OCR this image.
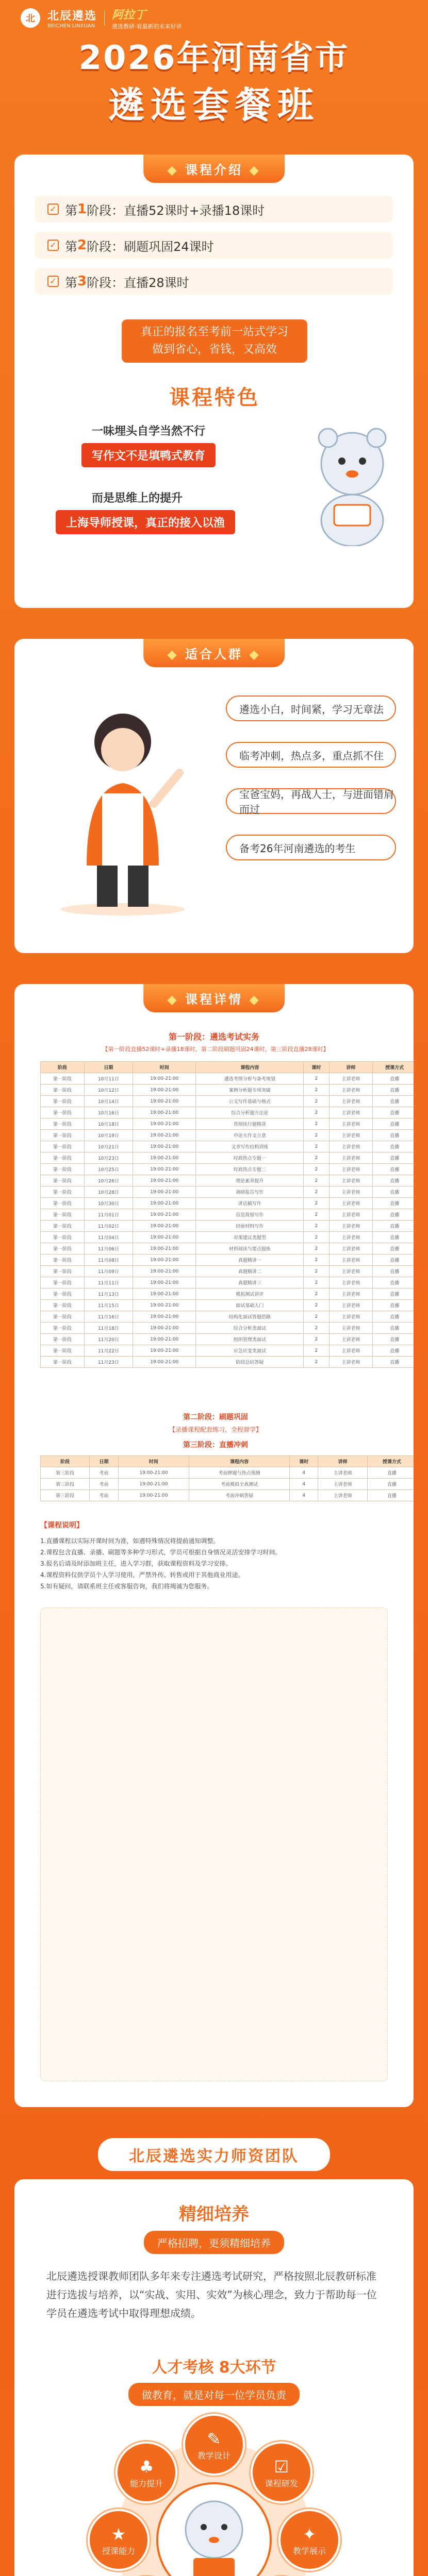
北	北辰遴选
BEICHEN LINXUAN
阿拉丁
遴选教研·看最新的未来好讲
2026年河南省市
遴选套餐班
◆ 课程介绍 ◆
✓ 第 1 阶段： 直播52课时+录播18课时
✓ 第 2 阶段： 刷题巩固24课时
✓ 第 3 阶段： 直播28课时
真正的报名至考前一站式学习
做到省心，省钱，又高效
课程特色
一味埋头自学当然不行
写作文不是填鸭式教育
而是思维上的提升
上海导师授课，真正的接入以渔
◆ 适合人群 ◆
遴选小白，时间紧，学习无章法
临考冲刺，热点多，重点抓不住
宝爸宝妈，再战人士，与进面错肩而过
备考26年河南遴选的考生
◆ 课程详情 ◆
第一阶段：遴选考试实务
【第一阶段直播52课时+录播18课时，第二阶段刷题巩固24课时，第三阶段直播28课时】
阶段	日期	时间	课程内容	课时	讲师	授课方式
第一阶段	10月11日	19:00-21:00	遴选考情分析与备考规划	2	主讲老师	直播
第一阶段	10月12日	19:00-21:00	案例分析题专项突破	2	主讲老师	直播
第一阶段	10月14日	19:00-21:00	公文写作基础与格式	2	主讲老师	直播
第一阶段	10月16日	19:00-21:00	综合分析题方法论	2	主讲老师	直播
第一阶段	10月18日	19:00-21:00	贯彻执行题精讲	2	主讲老师	直播
第一阶段	10月19日	19:00-21:00	申论大作文立意	2	主讲老师	直播
第一阶段	10月21日	19:00-21:00	文章写作结构训练	2	主讲老师	直播
第一阶段	10月23日	19:00-21:00	时政热点专题一	2	主讲老师	直播
第一阶段	10月25日	19:00-21:00	时政热点专题二	2	主讲老师	直播
第一阶段	10月26日	19:00-21:00	理论素养提升	2	主讲老师	直播
第一阶段	10月28日	19:00-21:00	调研报告写作	2	主讲老师	直播
第一阶段	10月30日	19:00-21:00	讲话稿写作	2	主讲老师	直播
第一阶段	11月01日	19:00-21:00	信息简报写作	2	主讲老师	直播
第一阶段	11月02日	19:00-21:00	经验材料写作	2	主讲老师	直播
第一阶段	11月04日	19:00-21:00	对策建议类题型	2	主讲老师	直播
第一阶段	11月06日	19:00-21:00	材料阅读与要点提炼	2	主讲老师	直播
第一阶段	11月08日	19:00-21:00	真题精讲一	2	主讲老师	直播
第一阶段	11月09日	19:00-21:00	真题精讲二	2	主讲老师	直播
第一阶段	11月11日	19:00-21:00	真题精讲三	2	主讲老师	直播
第一阶段	11月13日	19:00-21:00	模拟测试讲评	2	主讲老师	直播
第一阶段	11月15日	19:00-21:00	面试基础入门	2	主讲老师	直播
第一阶段	11月16日	19:00-21:00	结构化面试答题思路	2	主讲老师	直播
第一阶段	11月18日	19:00-21:00	综合分析类面试	2	主讲老师	直播
第一阶段	11月20日	19:00-21:00	组织管理类面试	2	主讲老师	直播
第一阶段	11月22日	19:00-21:00	应急应变类面试	2	主讲老师	直播
第一阶段	11月23日	19:00-21:00	阶段总结答疑	2	主讲老师	直播
第二阶段：刷题巩固
【录播课程配套练习，全程督学】
第三阶段：直播冲刺
阶段	日期	时间	课程内容	课时	讲师	授课方式
第三阶段	考前	19:00-21:00	考前押题与热点预测	4	主讲老师	直播
第三阶段	考前	19:00-21:00	考前模拟全真测试	4	主讲老师	直播
第三阶段	考前	19:00-21:00	考前冲刺答疑	4	主讲老师	直播
【课程说明】
1.直播课程以实际开课时间为准，如遇特殊情况将提前通知调整。
2.课程包含直播、录播、刷题等多种学习形式，学员可根据自身情况灵活安排学习时间。
3.报名后请及时添加班主任，进入学习群，获取课程资料及学习安排。
4.课程资料仅供学员个人学习使用，严禁外传、转售或用于其他商业用途。
5.如有疑问，请联系班主任或客服咨询，我们将竭诚为您服务。
北辰遴选实力师资团队
精细培养
严格招聘，更须精细培养
北辰遴选授课教师团队多年来专注遴选考试研究，严格按照北辰教研标准进行选拔与培养，以“实战、实用、实效”为核心理念，致力于帮助每一位学员在遴选考试中取得理想成绩。
人才考核 8大环节
做教育，就是对每一位学员负责
✎
教学设计
☑
课程研发
✦
教学展示
★
授课能力
♣
能力提升
